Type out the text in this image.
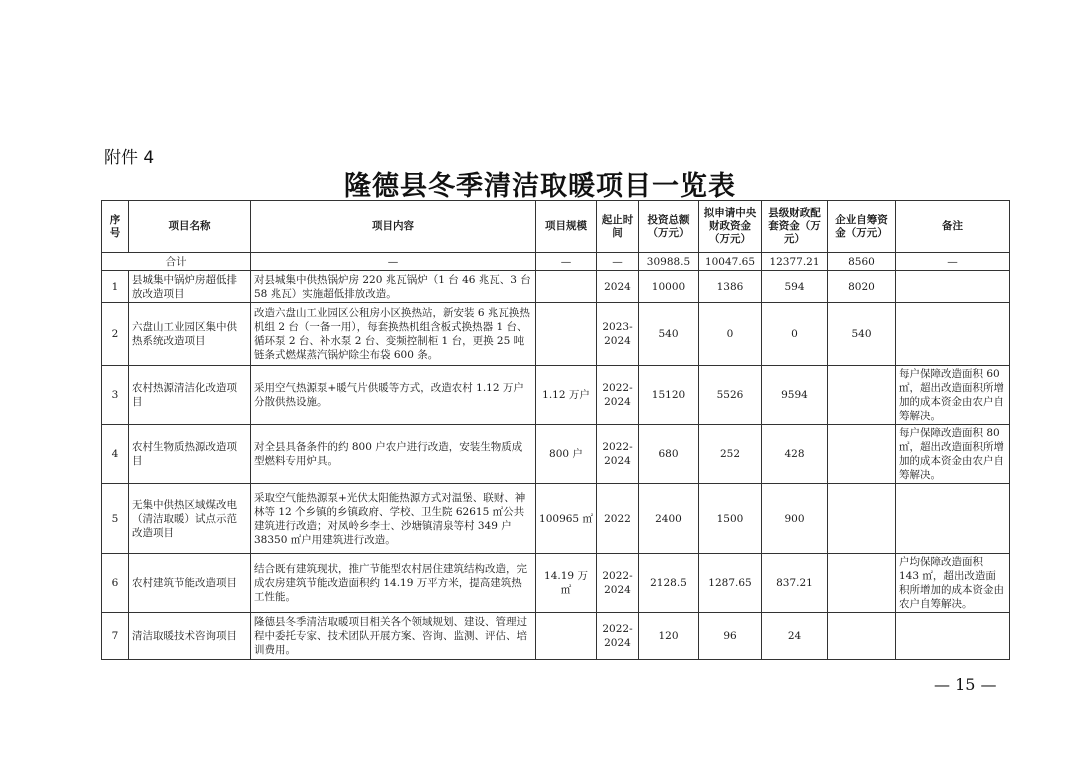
附件 4
隆德县冬季清洁取暖项目一览表
序号	项目名称	项目内容	项目规模	起止时间	投资总额（万元）	拟申请中央财政资金（万元）	县级财政配套资金（万元）	企业自筹资金（万元）	备注
合计		—	—	—	30988.5	10047.65	12377.21	8560	—
1	县城集中锅炉房超低排放改造项目	对县城集中供热锅炉房 220 兆瓦锅炉（1 台 46 兆瓦、3 台 58 兆瓦）实施超低排放改造。		2024	10000	1386	594	8020	
2	六盘山工业园区集中供热系统改造项目	改造六盘山工业园区公租房小区换热站，新安装 6 兆瓦换热机组 2 台（一备一用），每套换热机组含板式换热器 1 台、循环泵 2 台、补水泵 2 台、变频控制柜 1 台，更换 25 吨链条式燃煤蒸汽锅炉除尘布袋 600 条。		2023-2024	540	0	0	540	
3	农村热源清洁化改造项目	采用空气热源泵+暖气片供暖等方式，改造农村 1.12 万户分散供热设施。	1.12 万户	2022-2024	15120	5526	9594		每户保障改造面积 60 ㎡，超出改造面积所增加的成本资金由农户自筹解决。
4	农村生物质热源改造项目	对全县具备条件的约 800 户农户进行改造，安装生物质成型燃料专用炉具。	800 户	2022-2024	680	252	428		每户保障改造面积 80 ㎡，超出改造面积所增加的成本资金由农户自筹解决。
5	无集中供热区域煤改电（清洁取暖）试点示范改造项目	采取空气能热源泵+光伏太阳能热源方式对温堡、联财、神林等 12 个乡镇的乡镇政府、学校、卫生院 62615 ㎡公共建筑进行改造；对凤岭乡李士、沙塘镇清泉等村 349 户 38350 ㎡户用建筑进行改造。	100965 ㎡	2022	2400	1500	900		
6	农村建筑节能改造项目	结合既有建筑现状，推广节能型农村居住建筑结构改造，完成农房建筑节能改造面积约 14.19 万平方米，提高建筑热工性能。	14.19 万㎡	2022-2024	2128.5	1287.65	837.21		户均保障改造面积 143 ㎡，超出改造面积所增加的成本资金由农户自筹解决。
7	清洁取暖技术咨询项目	隆德县冬季清洁取暖项目相关各个领域规划、建设、管理过程中委托专家、技术团队开展方案、咨询、监测、评估、培训费用。		2022-2024	120	96	24		
— 15 —
